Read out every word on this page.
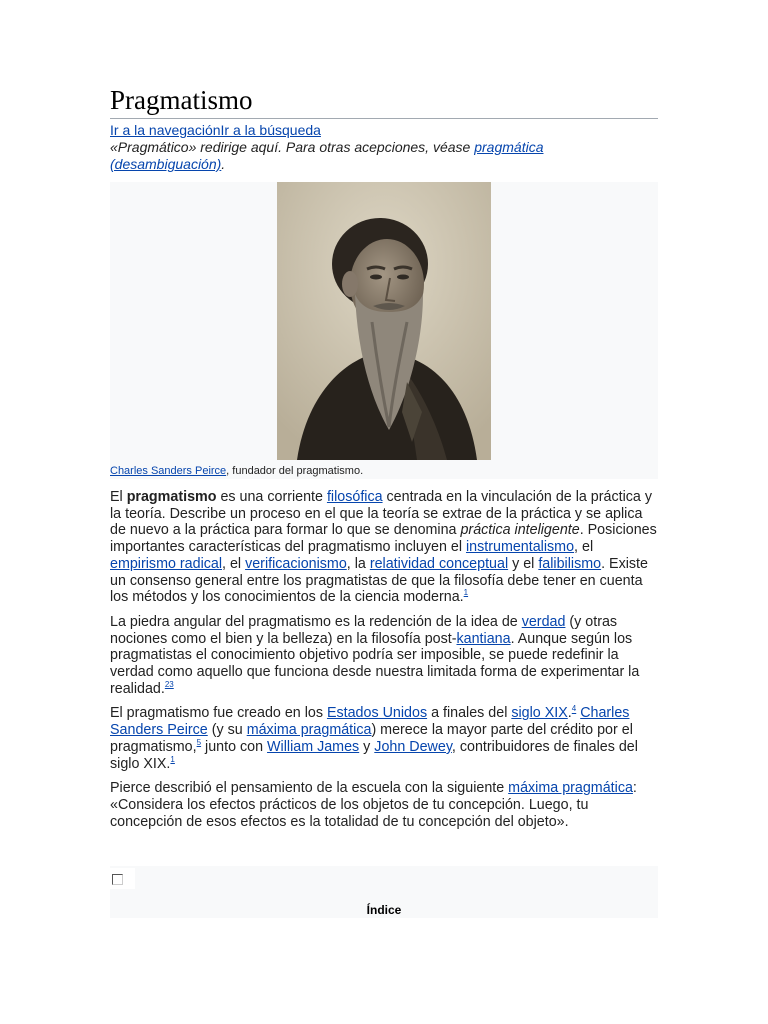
Pragmatismo
Ir a la navegaciónIr a la búsqueda
«Pragmático» redirige aquí. Para otras acepciones, véase pragmática (desambiguación).
Charles Sanders Peirce, fundador del pragmatismo.

El pragmatismo es una corriente filosófica centrada en la vinculación de la práctica y la teoría. Describe un proceso en el que la teoría se extrae de la práctica y se aplica de nuevo a la práctica para formar lo que se denomina práctica inteligente. Posiciones importantes características del pragmatismo incluyen el instrumentalismo, el empirismo radical, el verificacionismo, la relatividad conceptual y el falibilismo. Existe un consenso general entre los pragmatistas de que la filosofía debe tener en cuenta los métodos y los conocimientos de la ciencia moderna.$^1$

La piedra angular del pragmatismo es la redención de la idea de verdad (y otras nociones como el bien y la belleza) en la filosofía post-kantiana. Aunque según los pragmatistas el conocimiento objetivo podría ser imposible, se puede redefinir la verdad como aquello que funciona desde nuestra limitada forma de experimentar la realidad.$^{23}$

El pragmatismo fue creado en los Estados Unidos a finales del siglo XIX.$^4$ Charles Sanders Peirce (y su máxima pragmática) merece la mayor parte del crédito por el pragmatismo,$^5$ junto con William James y John Dewey, contribuidores de finales del siglo XIX.$^1$

Pierce describió el pensamiento de la escuela con la siguiente máxima pragmática: «Considera los efectos prácticos de los objetos de tu concepción. Luego, tu concepción de esos efectos es la totalidad de tu concepción del objeto».

Índice
